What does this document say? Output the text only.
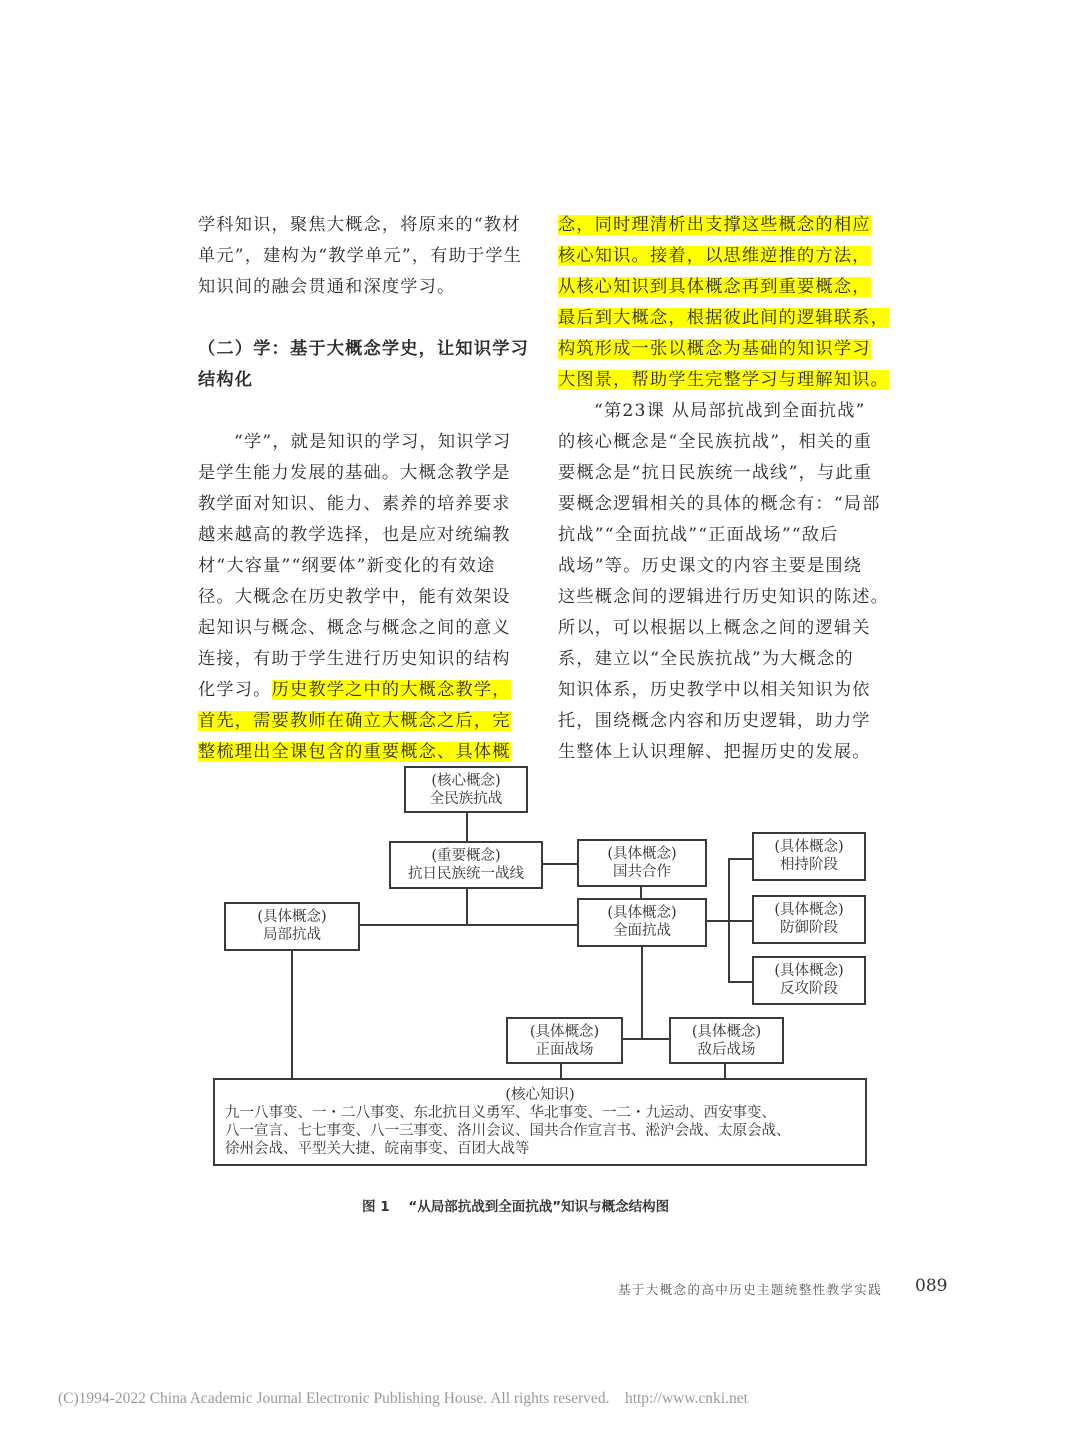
学科知识，聚焦大概念，将原来的“教材
单元”，建构为“教学单元”，有助于学生
知识间的融会贯通和深度学习。
（二）学：基于大概念学史，让知识学习
结构化
“学”，就是知识的学习，知识学习
是学生能力发展的基础。大概念教学是
教学面对知识、能力、素养的培养要求
越来越高的教学选择，也是应对统编教
材“大容量”“纲要体”新变化的有效途
径。大概念在历史教学中，能有效架设
起知识与概念、概念与概念之间的意义
连接，有助于学生进行历史知识的结构
化学习。历史教学之中的大概念教学，
首先，需要教师在确立大概念之后，完
整梳理出全课包含的重要概念、具体概
念，同时理清析出支撑这些概念的相应
核心知识。接着，以思维逆推的方法，
从核心知识到具体概念再到重要概念，
最后到大概念，根据彼此间的逻辑联系，
构筑形成一张以概念为基础的知识学习
大图景，帮助学生完整学习与理解知识。
“第23课 从局部抗战到全面抗战”
的核心概念是“全民族抗战”，相关的重
要概念是“抗日民族统一战线”，与此重
要概念逻辑相关的具体的概念有：“局部
抗战”“全面抗战”“正面战场”“敌后
战场”等。历史课文的内容主要是围绕
这些概念间的逻辑进行历史知识的陈述。
所以，可以根据以上概念之间的逻辑关
系，建立以“全民族抗战”为大概念的
知识体系，历史教学中以相关知识为依
托，围绕概念内容和历史逻辑，助力学
生整体上认识理解、把握历史的发展。
(核心概念)
全民族抗战
(重要概念)
抗日民族统一战线
(具体概念)
国共合作
(具体概念)
局部抗战
(具体概念)
全面抗战
(具体概念)
相持阶段
(具体概念)
防御阶段
(具体概念)
反攻阶段
(具体概念)
正面战场
(具体概念)
敌后战场
(核心知识)
九一八事变、一・二八事变、东北抗日义勇军、华北事变、一二・九运动、西安事变、
八一宣言、七七事变、八一三事变、洛川会议、国共合作宣言书、淞沪会战、太原会战、
徐州会战、平型关大捷、皖南事变、百团大战等
图 1    “从局部抗战到全面抗战”知识与概念结构图
基于大概念的高中历史主题统整性教学实践 089
(C)1994-2022 China Academic Journal Electronic Publishing House. All rights reserved.    http://www.cnki.net
